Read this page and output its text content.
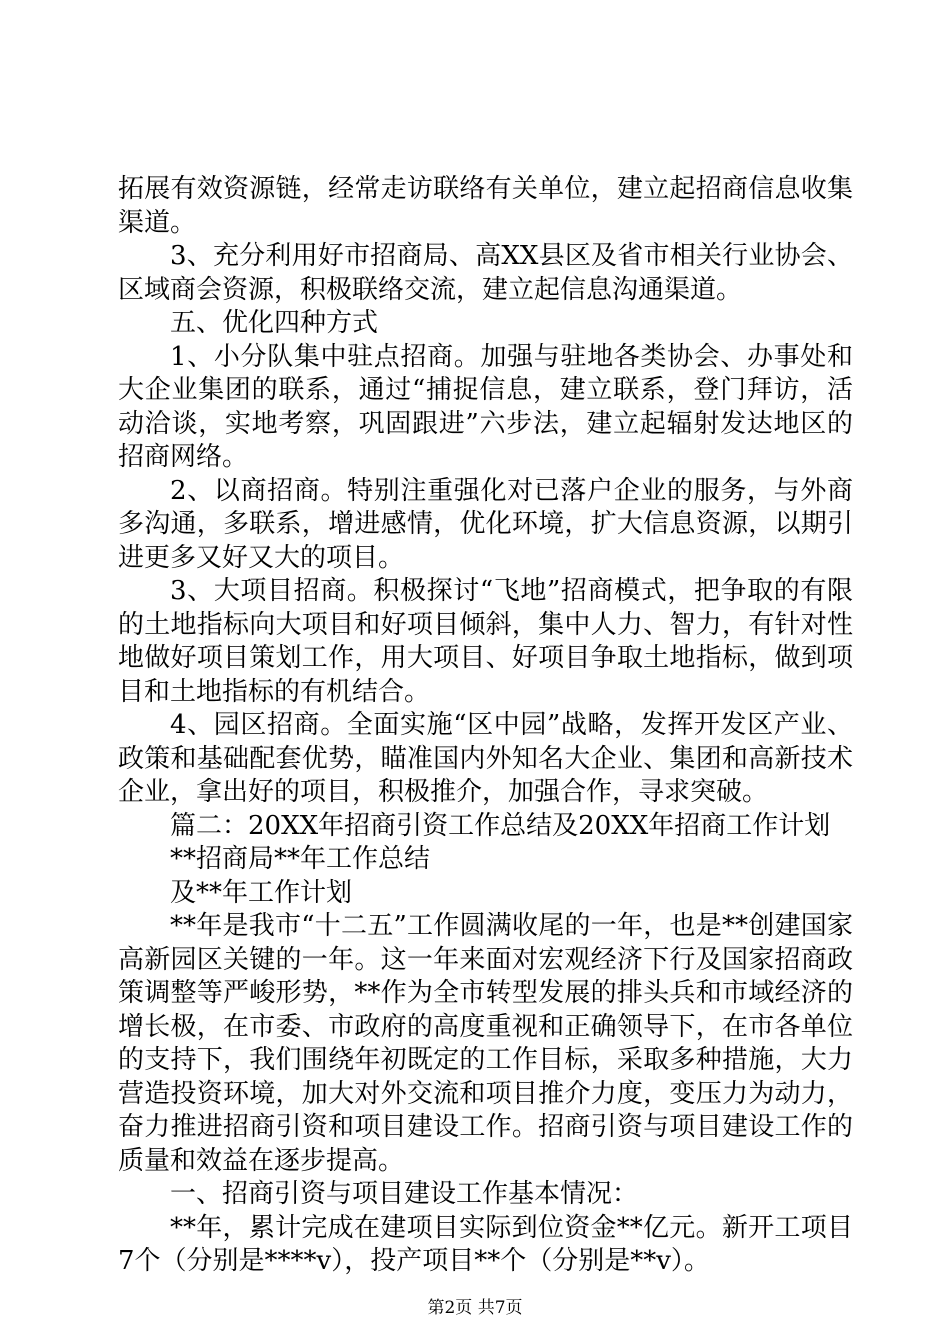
拓展有效资源链，经常走访联络有关单位，建立起招商信息收集渠道。

3、充分利用好市招商局、高XX县区及省市相关行业协会、区域商会资源，积极联络交流，建立起信息沟通渠道。

五、优化四种方式

1、小分队集中驻点招商。加强与驻地各类协会、办事处和大企业集团的联系，通过“捕捉信息，建立联系，登门拜访，活动洽谈，实地考察，巩固跟进”六步法，建立起辐射发达地区的招商网络。

2、以商招商。特别注重强化对已落户企业的服务，与外商多沟通，多联系，增进感情，优化环境，扩大信息资源，以期引进更多又好又大的项目。

3、大项目招商。积极探讨“飞地”招商模式，把争取的有限的土地指标向大项目和好项目倾斜，集中人力、智力，有针对性地做好项目策划工作，用大项目、好项目争取土地指标，做到项目和土地指标的有机结合。

4、园区招商。全面实施“区中园”战略，发挥开发区产业、政策和基础配套优势，瞄准国内外知名大企业、集团和高新技术企业，拿出好的项目，积极推介，加强合作，寻求突破。

篇二：20XX年招商引资工作总结及20XX年招商工作计划

**招商局**年工作总结

及**年工作计划

**年是我市“十二五”工作圆满收尾的一年，也是**创建国家高新园区关键的一年。这一年来面对宏观经济下行及国家招商政策调整等严峻形势，**作为全市转型发展的排头兵和市域经济的增长极，在市委、市政府的高度重视和正确领导下，在市各单位的支持下，我们围绕年初既定的工作目标，采取多种措施，大力营造投资环境，加大对外交流和项目推介力度，变压力为动力，奋力推进招商引资和项目建设工作。招商引资与项目建设工作的质量和效益在逐步提高。

一、招商引资与项目建设工作基本情况：

**年，累计完成在建项目实际到位资金**亿元。新开工项目7个（分别是****v），投产项目**个（分别是**v）。

第2页 共7页
